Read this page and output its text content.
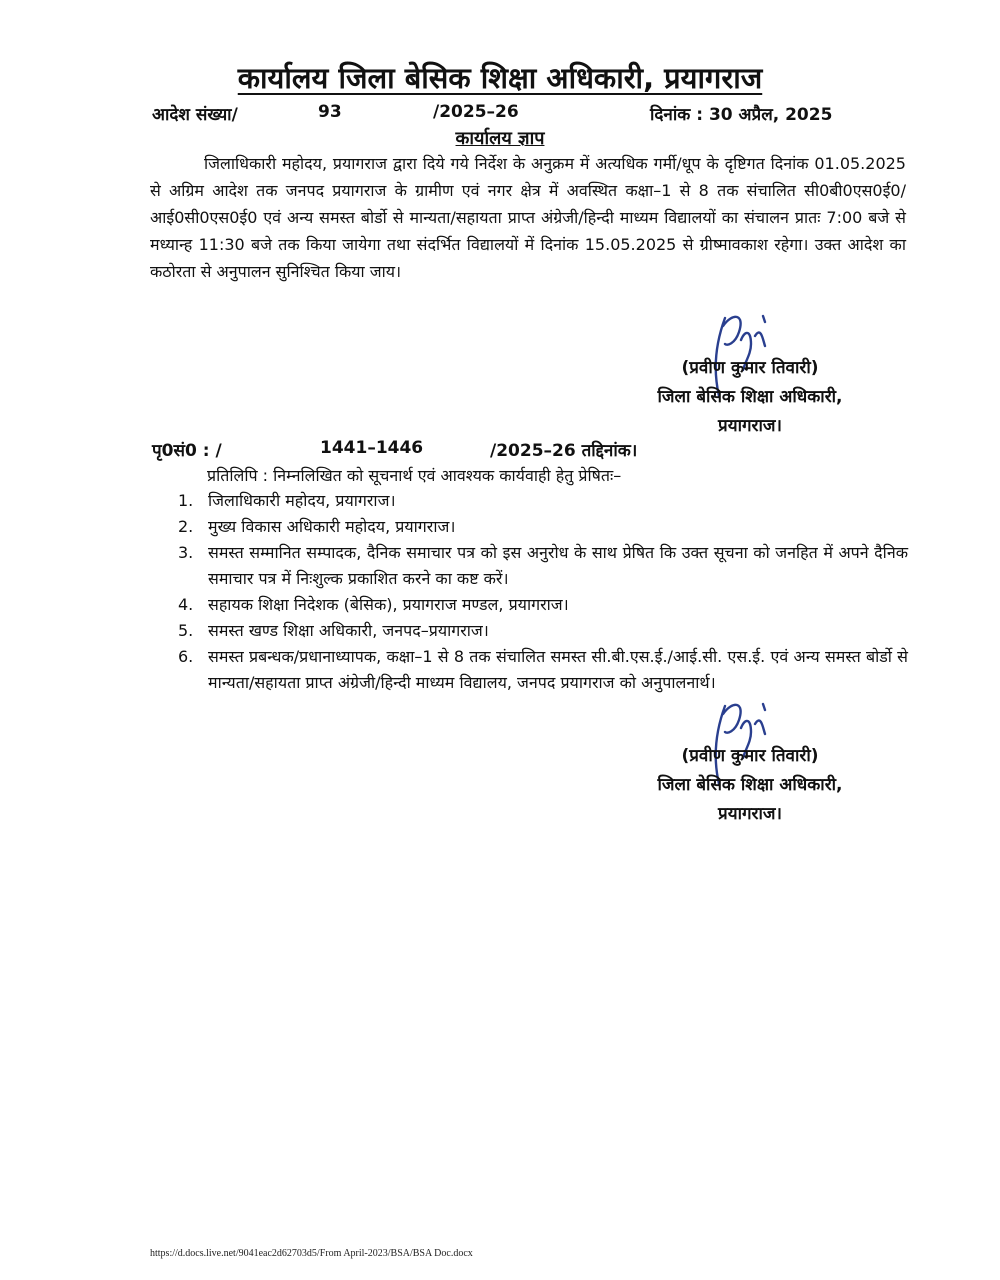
कार्यालय जिला बेसिक शिक्षा अधिकारी, प्रयागराज
आदेश संख्या/	93	/2025–26	दिनांक : 30 अप्रैल, 2025
कार्यालय ज्ञाप
जिलाधिकारी महोदय, प्रयागराज द्वारा दिये गये निर्देश के अनुक्रम में अत्यधिक गर्मी/धूप के दृष्टिगत दिनांक 01.05.2025 से अग्रिम आदेश तक जनपद प्रयागराज के ग्रामीण एवं नगर क्षेत्र में अवस्थित कक्षा–1 से 8 तक संचालित सी0बी0एस0ई0/आई0सी0एस0ई0 एवं अन्य समस्त बोर्डो से मान्यता/सहायता प्राप्त अंग्रेजी/हिन्दी माध्यम विद्यालयों का संचालन प्रातः 7:00 बजे से मध्यान्ह 11:30 बजे तक किया जायेगा तथा संदर्भित विद्यालयों में दिनांक 15.05.2025 से ग्रीष्मावकाश रहेगा। उक्त आदेश का कठोरता से अनुपालन सुनिश्चित किया जाय।
(प्रवीण कुमार तिवारी)
जिला बेसिक शिक्षा अधिकारी,
प्रयागराज।
पृ0सं0 : /	1441–1446	/2025–26 तद्दिनांक।
प्रतिलिपि : निम्नलिखित को सूचनार्थ एवं आवश्यक कार्यवाही हेतु प्रेषितः–
1. जिलाधिकारी महोदय, प्रयागराज।
2. मुख्य विकास अधिकारी महोदय, प्रयागराज।
3. समस्त सम्मानित सम्पादक, दैनिक समाचार पत्र को इस अनुरोध के साथ प्रेषित कि उक्त सूचना को जनहित में अपने दैनिक समाचार पत्र में निःशुल्क प्रकाशित करने का कष्ट करें।
4. सहायक शिक्षा निदेशक (बेसिक), प्रयागराज मण्डल, प्रयागराज।
5. समस्त खण्ड शिक्षा अधिकारी, जनपद–प्रयागराज।
6. समस्त प्रबन्धक/प्रधानाध्यापक, कक्षा–1 से 8 तक संचालित समस्त सी.बी.एस.ई./आई.सी. एस.ई. एवं अन्य समस्त बोर्डो से मान्यता/सहायता प्राप्त अंग्रेजी/हिन्दी माध्यम विद्यालय, जनपद प्रयागराज को अनुपालनार्थ।
(प्रवीण कुमार तिवारी)
जिला बेसिक शिक्षा अधिकारी,
प्रयागराज।
https://d.docs.live.net/9041eac2d62703d5/From April-2023/BSA/BSA Doc.docx
